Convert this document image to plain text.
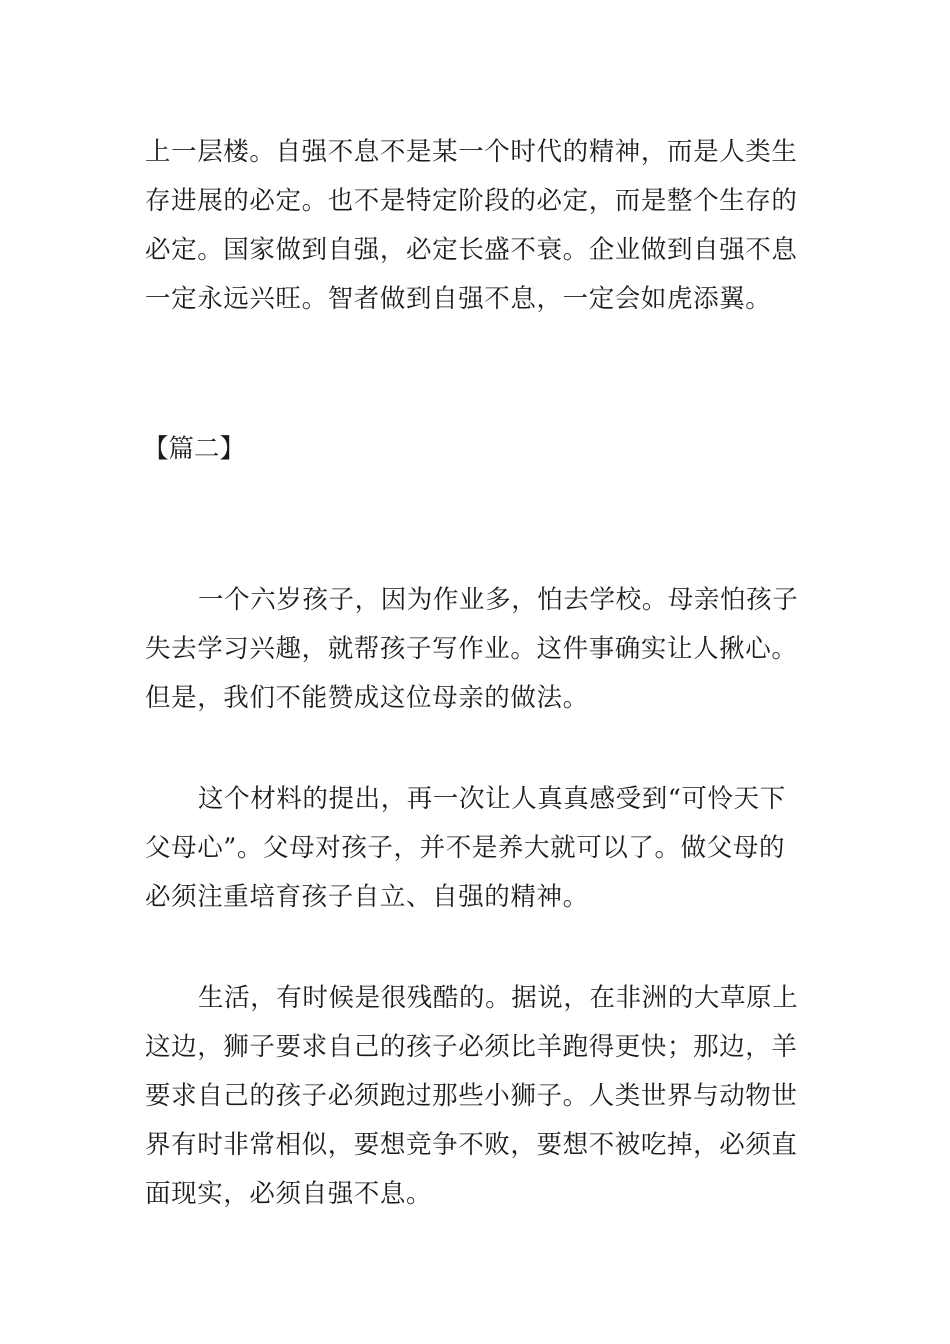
上一层楼。自强不息不是某一个时代的精神，而是人类生
存进展的必定。也不是特定阶段的必定，而是整个生存的
必定。国家做到自强，必定长盛不衰。企业做到自强不息
一定永远兴旺。智者做到自强不息，一定会如虎添翼。
【篇二】
一个六岁孩子，因为作业多，怕去学校。母亲怕孩子
失去学习兴趣，就帮孩子写作业。这件事确实让人揪心。
但是，我们不能赞成这位母亲的做法。
这个材料的提出，再一次让人真真感受到“可怜天下
父母心”。父母对孩子，并不是养大就可以了。做父母的
必须注重培育孩子自立、自强的精神。
生活，有时候是很残酷的。据说，在非洲的大草原上
这边，狮子要求自己的孩子必须比羊跑得更快；那边，羊
要求自己的孩子必须跑过那些小狮子。人类世界与动物世
界有时非常相似，要想竞争不败，要想不被吃掉，必须直
面现实，必须自强不息。
